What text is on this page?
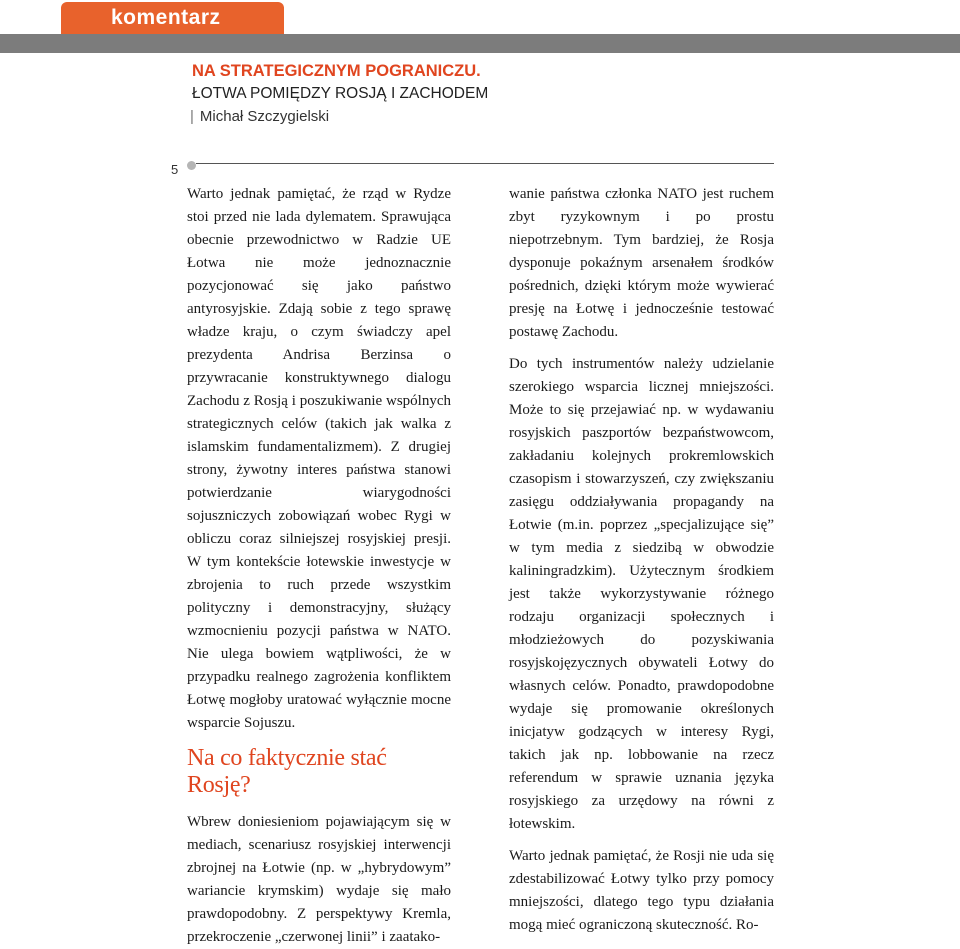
komentarz
NA STRATEGICZNYM POGRANICZU.
ŁOTWA POMIĘDZY ROSJĄ I ZACHODEM
| Michał Szczygielski
5

Warto jednak pamiętać, że rząd w Rydze stoi przed nie lada dylematem. Sprawująca obecnie przewodnictwo w Radzie UE Łotwa nie może jednoznacznie pozycjonować się jako państwo antyrosyjskie. Zdają sobie z tego sprawę władze kraju, o czym świadczy apel prezydenta Andrisa Berzinsa o przywracanie konstruktywnego dialogu Zachodu z Rosją i poszukiwanie wspólnych strategicznych celów (takich jak walka z islamskim fundamentalizmem). Z drugiej strony, żywotny interes państwa stanowi potwierdzanie wiarygodności sojuszniczych zobowiązań wobec Rygi w obliczu coraz silniejszej rosyjskiej presji. W tym kontekście łotewskie inwestycje w zbrojenia to ruch przede wszystkim polityczny i demonstracyjny, służący wzmocnieniu pozycji państwa w NATO. Nie ulega bowiem wątpliwości, że w przypadku realnego zagrożenia konfliktem Łotwę mogłoby uratować wyłącznie mocne wsparcie Sojuszu.

Na co faktycznie stać Rosję?

Wbrew doniesieniom pojawiającym się w mediach, scenariusz rosyjskiej interwencji zbrojnej na Łotwie (np. w „hybrydowym” wariancie krymskim) wydaje się mało prawdopodobny. Z perspektywy Kremla, przekroczenie „czerwonej linii” i zaatako-

wanie państwa członka NATO jest ruchem zbyt ryzykownym i po prostu niepotrzebnym. Tym bardziej, że Rosja dysponuje pokaźnym arsenałem środków pośrednich, dzięki którym może wywierać presję na Łotwę i jednocześnie testować postawę Zachodu.

Do tych instrumentów należy udzielanie szerokiego wsparcia licznej mniejszości. Może to się przejawiać np. w wydawaniu rosyjskich paszportów bezpaństwowcom, zakładaniu kolejnych prokremlowskich czasopism i stowarzyszeń, czy zwiększaniu zasięgu oddziaływania propagandy na Łotwie (m.in. poprzez „specjalizujące się” w tym media z siedzibą w obwodzie kaliningradzkim). Użytecznym środkiem jest także wykorzystywanie różnego rodzaju organizacji społecznych i młodzieżowych do pozyskiwania rosyjskojęzycznych obywateli Łotwy do własnych celów. Ponadto, prawdopodobne wydaje się promowanie określonych inicjatyw godzących w interesy Rygi, takich jak np. lobbowanie na rzecz referendum w sprawie uznania języka rosyjskiego za urzędowy na równi z łotewskim.

Warto jednak pamiętać, że Rosji nie uda się zdestabilizować Łotwy tylko przy pomocy mniejszości, dlatego tego typu działania mogą mieć ograniczoną skuteczność. Ro-
